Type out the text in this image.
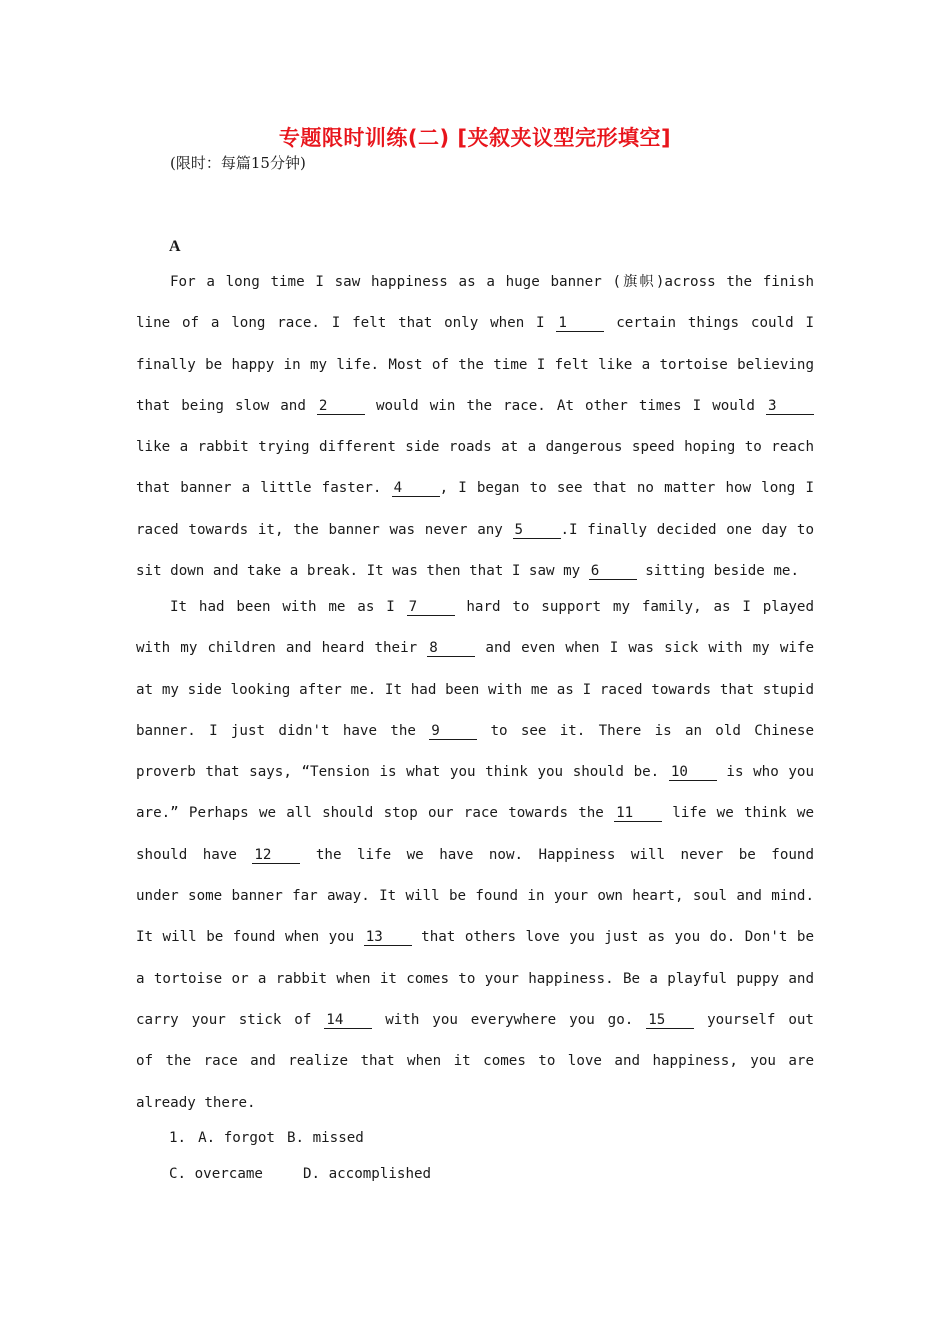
专题限时训练(二) [夹叙夹议型完形填空]
(限时：每篇15分钟)
A
For a long time I saw happiness as a huge banner (旗帜)across the finish
line of a long race. I felt that only when I 1	certain things could I
finally be happy in my life. Most of the time I felt like a tortoise believing
that being slow and 2	would win the race. At other times I would 3
like a rabbit trying different side roads at a dangerous speed hoping to reach
that banner a little faster. 4	, I began to see that no matter how long I
raced towards it, the banner was never any 5	.I finally decided one day to
sit down and take a break. It was then that I saw my 6	sitting beside me.
It had been with me as I 7	hard to support my family, as I played
with my children and heard their 8	and even when I was sick with my wife
at my side looking after me. It had been with me as I raced towards that stupid
banner. I just didn't have the 9	to see it. There is an old Chinese
proverb that says, “Tension is what you think you should be. 10 is who you
are.” Perhaps we all should stop our race towards the 11 life we think we
should have 12 the life we have now. Happiness will never be found
under some banner far away. It will be found in your own heart, soul and mind.
It will be found when you 13 that others love you just as you do. Don't be
a tortoise or a rabbit when it comes to your happiness. Be a playful puppy and
carry your stick of 14 with you everywhere you go. 15 yourself out
of the race and realize that when it comes to love and happiness, you are
already there.
1. A. forgot B. missed
C. overcame	D. accomplished
